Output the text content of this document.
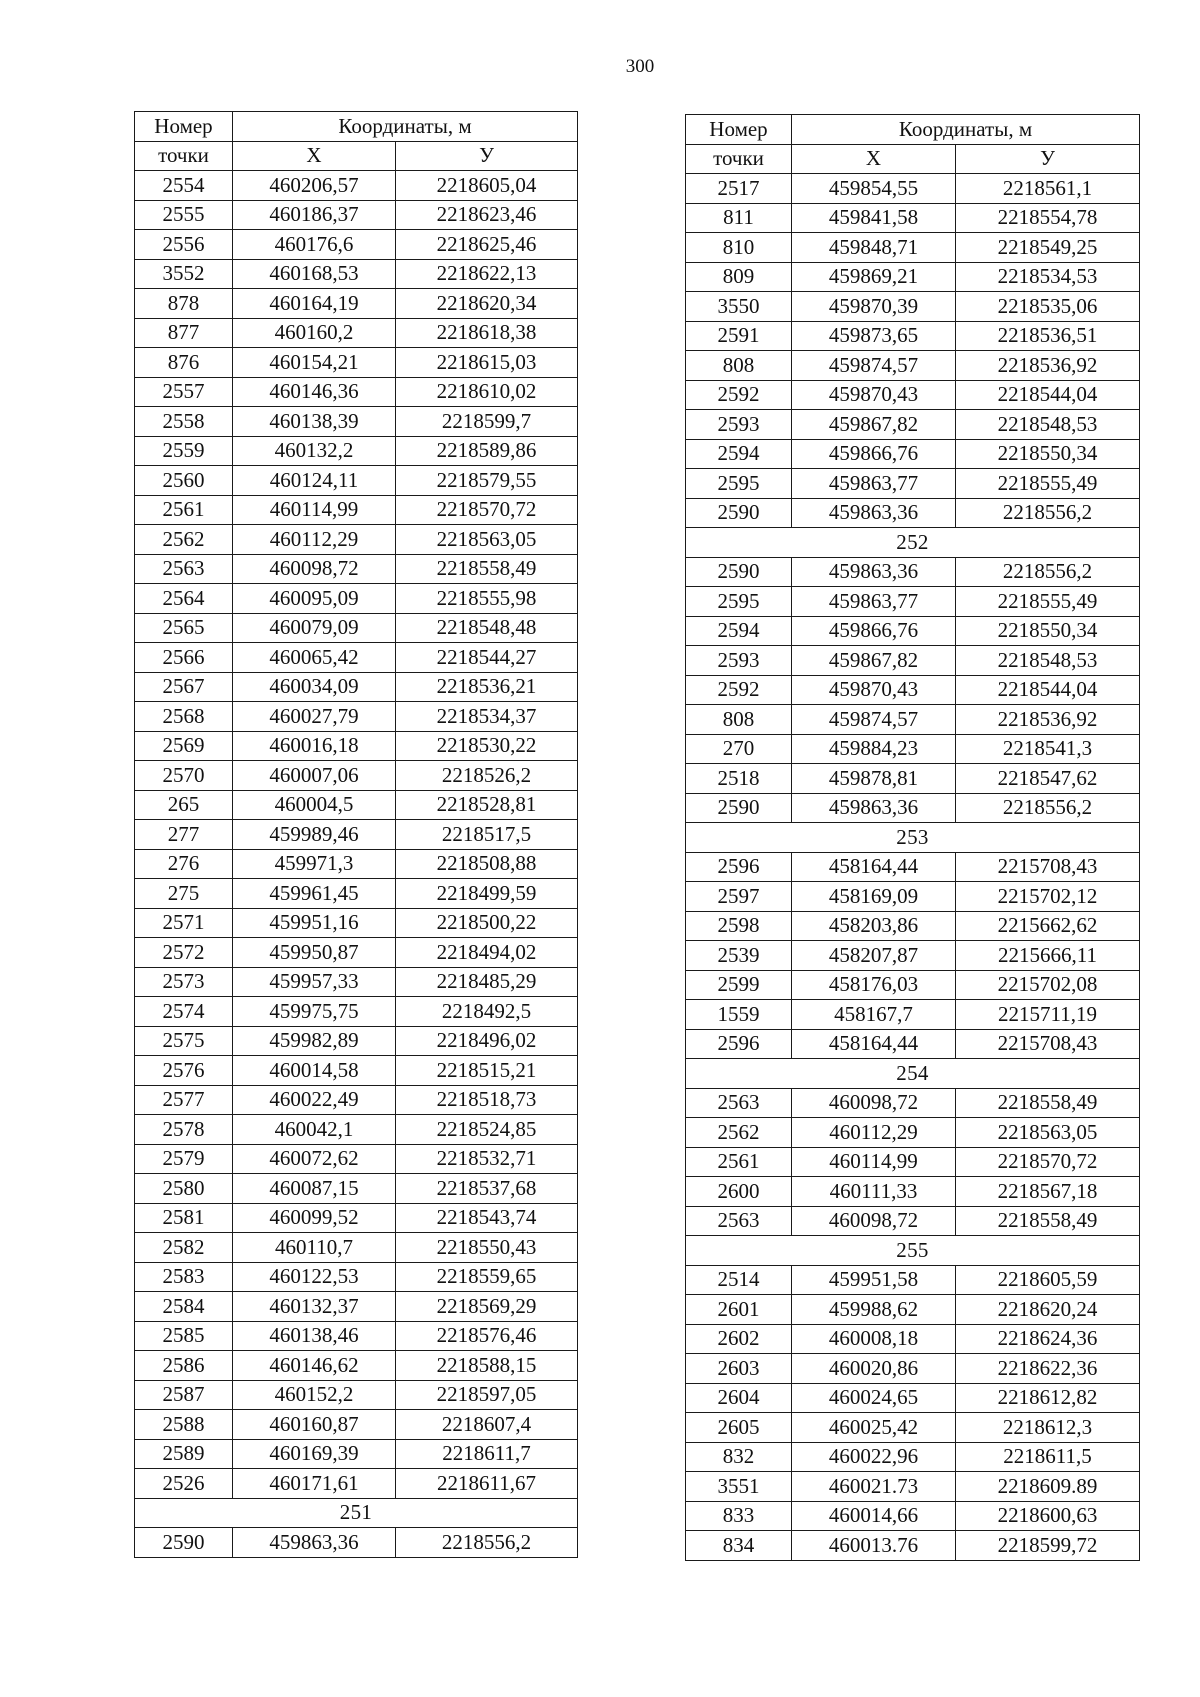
300
Номер	Координаты, м	
точки	X	У
2554	460206,57	2218605,04
2555	460186,37	2218623,46
2556	460176,6	2218625,46
3552	460168,53	2218622,13
878	460164,19	2218620,34
877	460160,2	2218618,38
876	460154,21	2218615,03
2557	460146,36	2218610,02
2558	460138,39	2218599,7
2559	460132,2	2218589,86
2560	460124,11	2218579,55
2561	460114,99	2218570,72
2562	460112,29	2218563,05
2563	460098,72	2218558,49
2564	460095,09	2218555,98
2565	460079,09	2218548,48
2566	460065,42	2218544,27
2567	460034,09	2218536,21
2568	460027,79	2218534,37
2569	460016,18	2218530,22
2570	460007,06	2218526,2
265	460004,5	2218528,81
277	459989,46	2218517,5
276	459971,3	2218508,88
275	459961,45	2218499,59
2571	459951,16	2218500,22
2572	459950,87	2218494,02
2573	459957,33	2218485,29
2574	459975,75	2218492,5
2575	459982,89	2218496,02
2576	460014,58	2218515,21
2577	460022,49	2218518,73
2578	460042,1	2218524,85
2579	460072,62	2218532,71
2580	460087,15	2218537,68
2581	460099,52	2218543,74
2582	460110,7	2218550,43
2583	460122,53	2218559,65
2584	460132,37	2218569,29
2585	460138,46	2218576,46
2586	460146,62	2218588,15
2587	460152,2	2218597,05
2588	460160,87	2218607,4
2589	460169,39	2218611,7
2526	460171,61	2218611,67
251		
2590	459863,36	2218556,2
Номер	Координаты, м	
точки	X	У
2517	459854,55	2218561,1
811	459841,58	2218554,78
810	459848,71	2218549,25
809	459869,21	2218534,53
3550	459870,39	2218535,06
2591	459873,65	2218536,51
808	459874,57	2218536,92
2592	459870,43	2218544,04
2593	459867,82	2218548,53
2594	459866,76	2218550,34
2595	459863,77	2218555,49
2590	459863,36	2218556,2
252		
2590	459863,36	2218556,2
2595	459863,77	2218555,49
2594	459866,76	2218550,34
2593	459867,82	2218548,53
2592	459870,43	2218544,04
808	459874,57	2218536,92
270	459884,23	2218541,3
2518	459878,81	2218547,62
2590	459863,36	2218556,2
253		
2596	458164,44	2215708,43
2597	458169,09	2215702,12
2598	458203,86	2215662,62
2539	458207,87	2215666,11
2599	458176,03	2215702,08
1559	458167,7	2215711,19
2596	458164,44	2215708,43
254		
2563	460098,72	2218558,49
2562	460112,29	2218563,05
2561	460114,99	2218570,72
2600	460111,33	2218567,18
2563	460098,72	2218558,49
255		
2514	459951,58	2218605,59
2601	459988,62	2218620,24
2602	460008,18	2218624,36
2603	460020,86	2218622,36
2604	460024,65	2218612,82
2605	460025,42	2218612,3
832	460022,96	2218611,5
3551	460021.73	2218609.89
833	460014,66	2218600,63
834	460013.76	2218599,72
